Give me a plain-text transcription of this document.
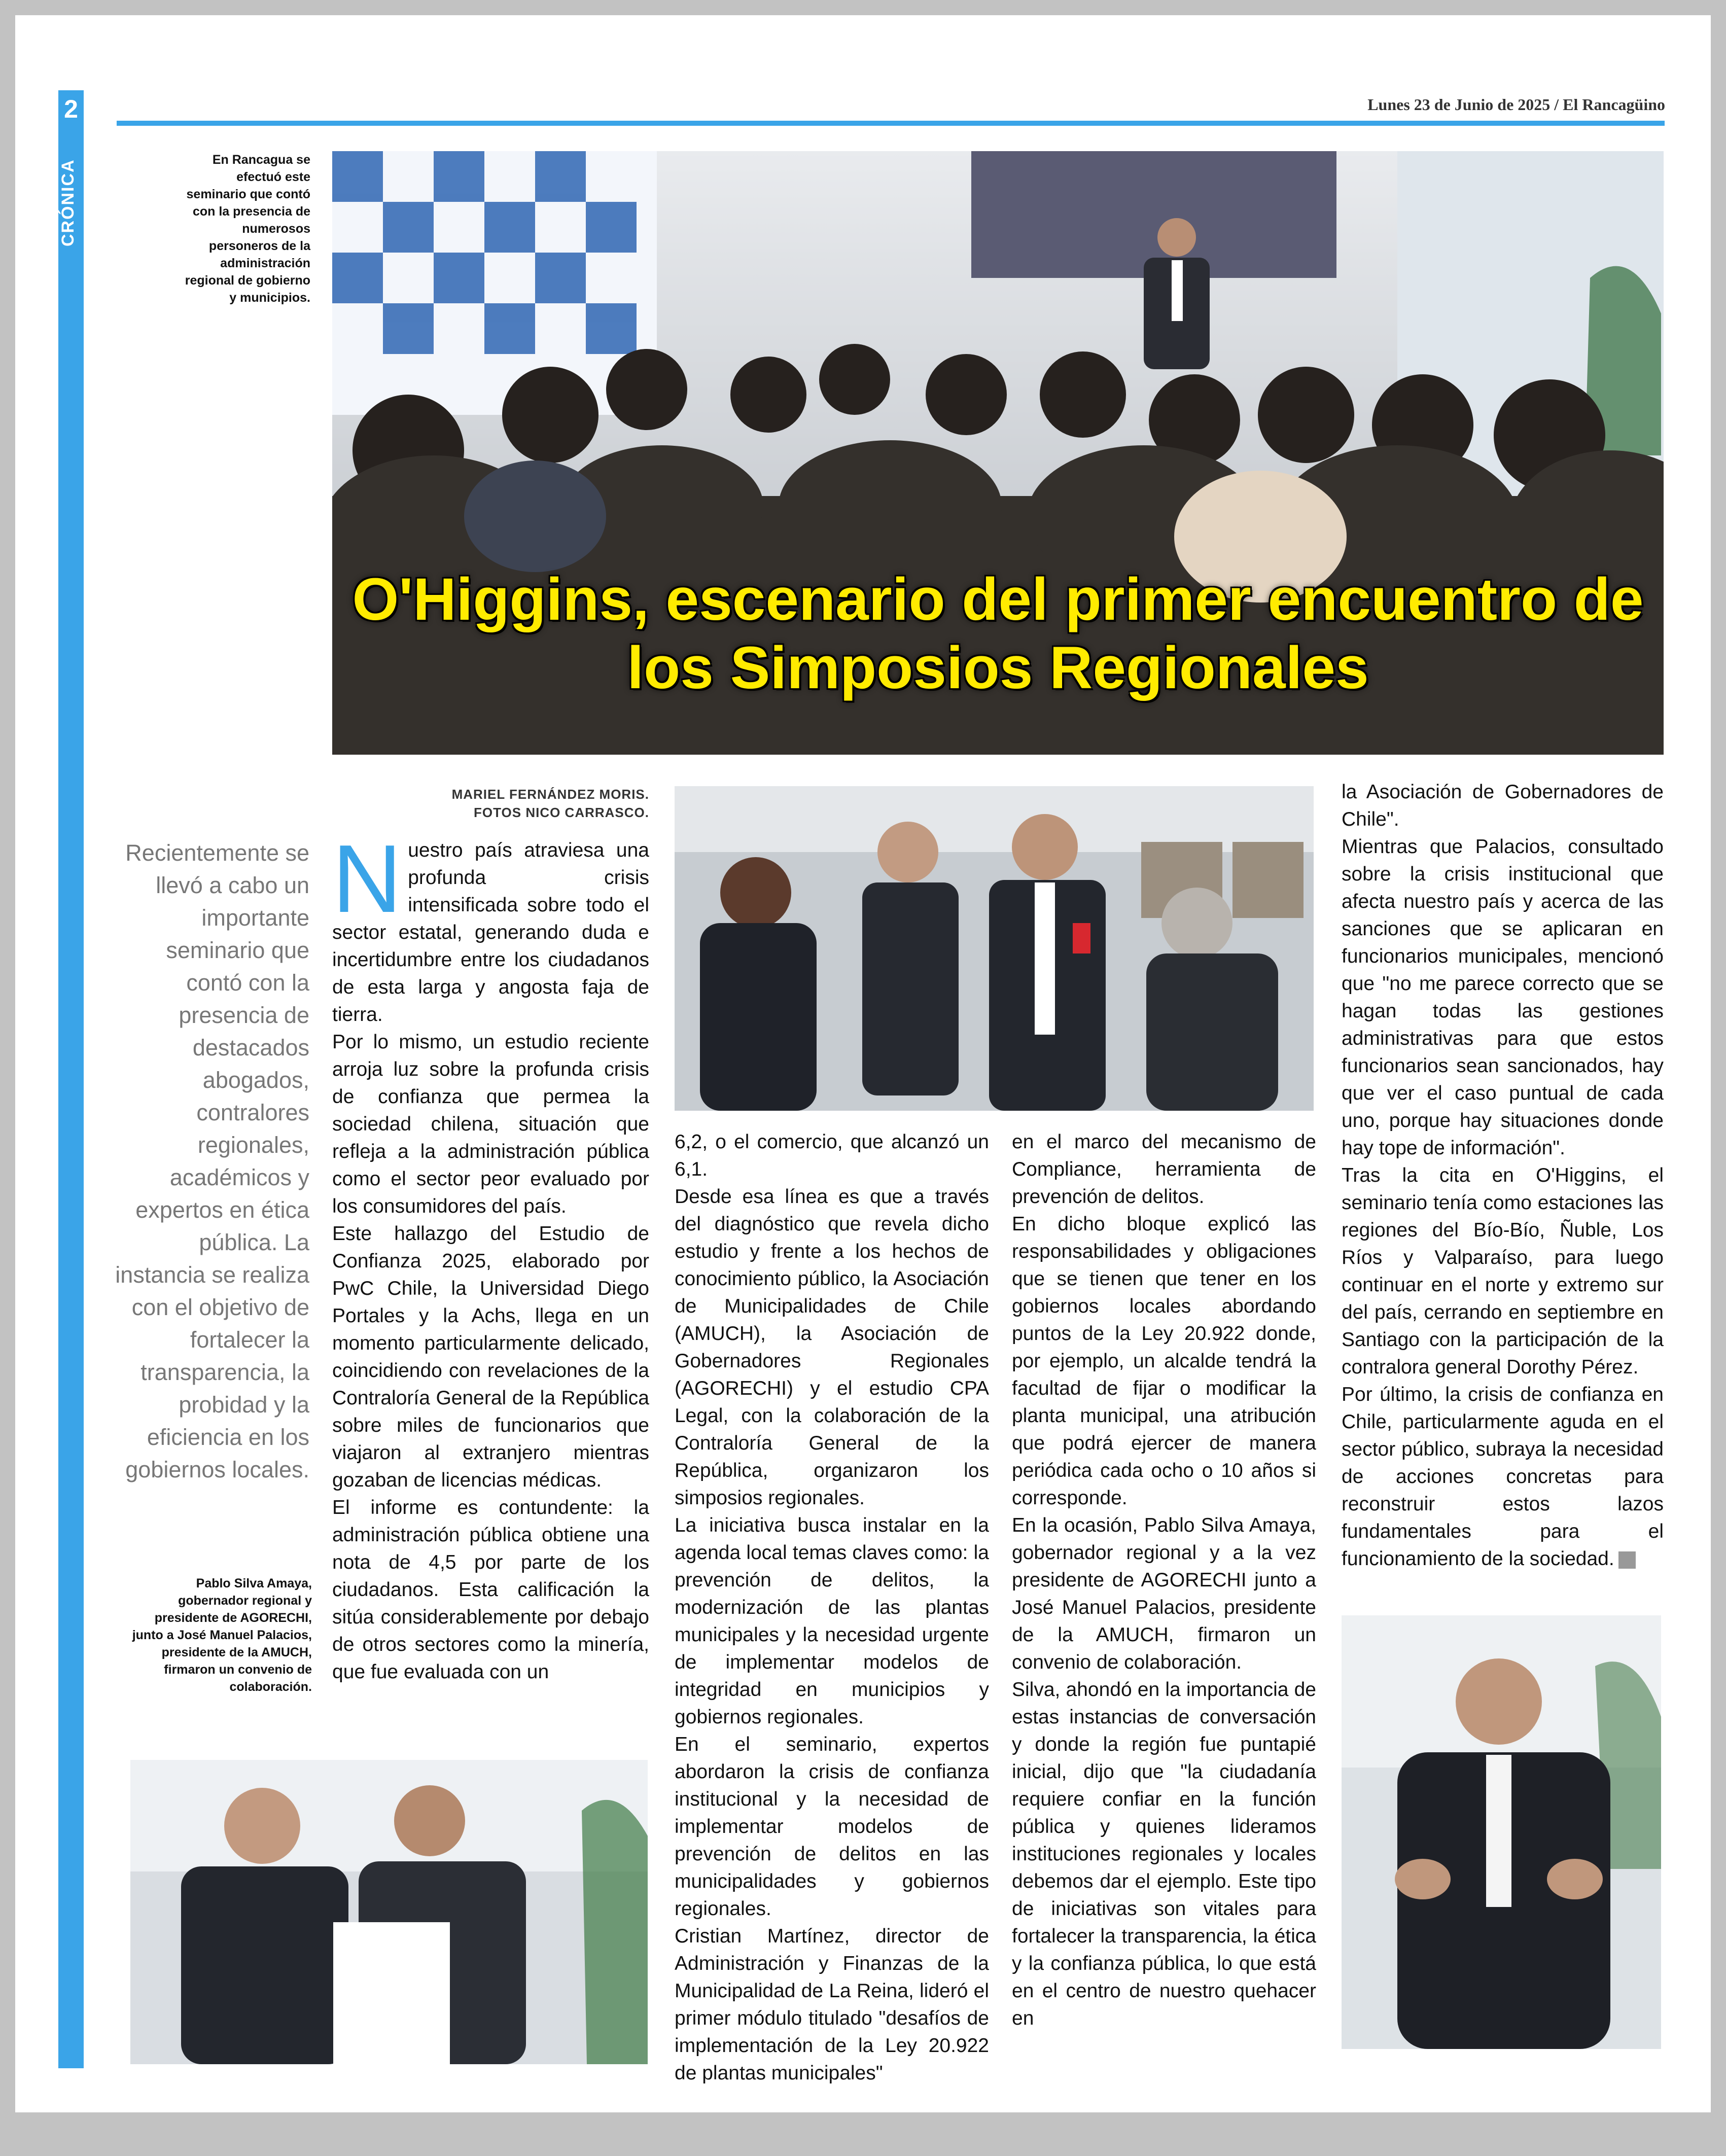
2
CRÓNICA
Lunes 23 de Junio de 2025 / El Rancagüino
En Rancagua se efectuó este seminario que contó con la presencia de numerosos personeros de la administración regional de gobierno y municipios.
O'Higgins, escenario del primer encuentro de los Simposios Regionales
MARIEL FERNÁNDEZ MORIS.
FOTOS NICO CARRASCO.
Recientemente se llevó a cabo un importante seminario que contó con la presencia de destacados abogados, contralores regionales, académicos y expertos en ética pública. La instancia se realiza con el objetivo de fortalecer la transparencia, la probidad y la eficiencia en los gobiernos locales.
Pablo Silva Amaya, gobernador regional y presidente de AGORECHI, junto a José Manuel Palacios, presidente de la AMUCH, firmaron un convenio de colaboración.

Nuestro país atraviesa una profunda crisis intensificada sobre todo el sector estatal, generando duda e incertidumbre entre los ciudadanos de esta larga y angosta faja de tierra.

Por lo mismo, un estudio reciente arroja luz sobre la profunda crisis de confianza que permea la sociedad chilena, situación que refleja a la administración pública como el sector peor evaluado por los consumidores del país.

Este hallazgo del Estudio de Confianza 2025, elaborado por PwC Chile, la Universidad Diego Portales y la Achs, llega en un momento particularmente delicado, coincidiendo con revelaciones de la Contraloría General de la República sobre miles de funcionarios que viajaron al extranjero mientras gozaban de licencias médicas.

El informe es contundente: la administración pública obtiene una nota de 4,5 por parte de los ciudadanos. Esta calificación la sitúa considerablemente por debajo de otros sectores como la minería, que fue evaluada con un

6,2, o el comercio, que alcanzó un 6,1.

Desde esa línea es que a través del diagnóstico que revela dicho estudio y frente a los hechos de conocimiento público, la Asociación de Municipalidades de Chile (AMUCH), la Asociación de Gobernadores Regionales (AGORECHI) y el estudio CPA Legal, con la colaboración de la Contraloría General de la República, organizaron los simposios regionales.

La iniciativa busca instalar en la agenda local temas claves como: la prevención de delitos, la modernización de las plantas municipales y la necesidad urgente de implementar modelos de integridad en municipios y gobiernos regionales.

En el seminario, expertos abordaron la crisis de confianza institucional y la necesidad de implementar modelos de prevención de delitos en las municipalidades y gobiernos regionales.

Cristian Martínez, director de Administración y Finanzas de la Municipalidad de La Reina, lideró el primer módulo titulado "desafíos de implementación de la Ley 20.922 de plantas municipales"

en el marco del mecanismo de Compliance, herramienta de prevención de delitos.

En dicho bloque explicó las responsabilidades y obligaciones que se tienen que tener en los gobiernos locales abordando puntos de la Ley 20.922 donde, por ejemplo, un alcalde tendrá la facultad de fijar o modificar la planta municipal, una atribución que podrá ejercer de manera periódica cada ocho o 10 años si corresponde.

En la ocasión, Pablo Silva Amaya, gobernador regional y a la vez presidente de AGORECHI junto a José Manuel Palacios, presidente de la AMUCH, firmaron un convenio de colaboración.

Silva, ahondó en la importancia de estas instancias de conversación y donde la región fue puntapié inicial, dijo que "la ciudadanía requiere confiar en la función pública y quienes lideramos instituciones regionales y locales debemos dar el ejemplo. Este tipo de iniciativas son vitales para fortalecer la transparencia, la ética y la confianza pública, lo que está en el centro de nuestro quehacer en

la Asociación de Gobernadores de Chile".

Mientras que Palacios, consultado sobre la crisis institucional que afecta nuestro país y acerca de las sanciones que se aplicaran en funcionarios municipales, mencionó que "no me parece correcto que se hagan todas las gestiones administrativas para que estos funcionarios sean sancionados, hay que ver el caso puntual de cada uno, porque hay situaciones donde hay tope de información".

Tras la cita en O'Higgins, el seminario tenía como estaciones las regiones del Bío-Bío, Ñuble, Los Ríos y Valparaíso, para luego continuar en el norte y extremo sur del país, cerrando en septiembre en Santiago con la participación de la contralora general Dorothy Pérez.

Por último, la crisis de confianza en Chile, particularmente aguda en el sector público, subraya la necesidad de acciones concretas para reconstruir estos lazos fundamentales para el funcionamiento de la sociedad.
